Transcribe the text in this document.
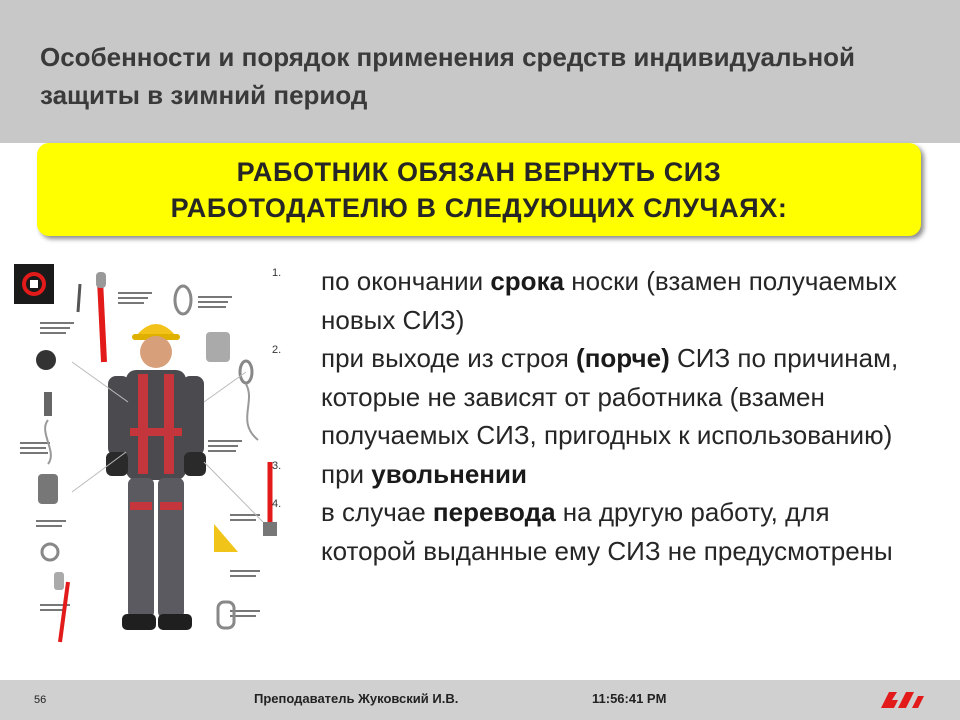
Особенности и порядок применения средств индивидуальной защиты в зимний период
РАБОТНИК ОБЯЗАН ВЕРНУТЬ СИЗ
РАБОТОДАТЕЛЮ В СЛЕДУЮЩИХ СЛУЧАЯХ:
1. по окончании срока носки (взамен получаемых новых СИЗ)
2. при выходе из строя (порче) СИЗ по причинам, которые не зависят от работника (взамен получаемых СИЗ, пригодных к использованию)
3. при увольнении
4. в случае перевода на другую работу, для которой выданные ему СИЗ не предусмотрены
56	Преподаватель Жуковский И.В.	11:56:41 PM
